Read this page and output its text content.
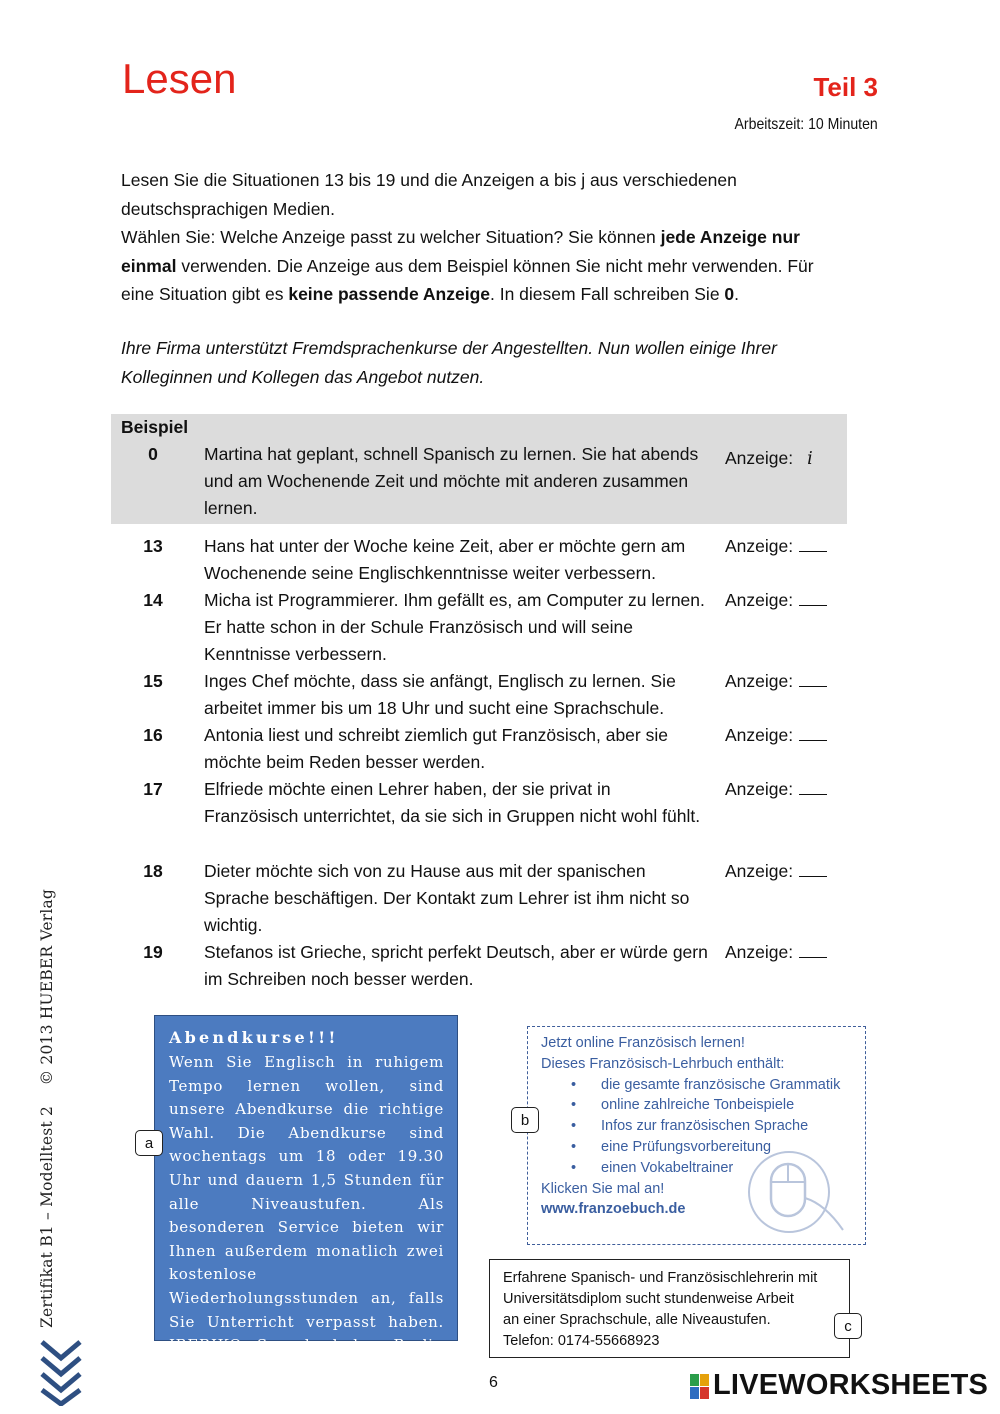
Lesen	Teil 3
Arbeitszeit: 10 Minuten

Lesen Sie die Situationen 13 bis 19 und die Anzeigen a bis j aus verschiedenen

deutschsprachigen Medien.

Wählen Sie: Welche Anzeige passt zu welcher Situation? Sie können jede Anzeige nur

einmal verwenden. Die Anzeige aus dem Beispiel können Sie nicht mehr verwenden. Für

eine Situation gibt es keine passende Anzeige. In diesem Fall schreiben Sie 0.

Ihre Firma unterstützt Fremdsprachenkurse der Angestellten. Nun wollen einige Ihrer
Kolleginnen und Kollegen das Angebot nutzen.
Beispiel
0	Martina hat geplant, schnell Spanisch zu lernen. Sie hat abends und am Wochenende Zeit und möchte mit anderen zusammen lernen.
Anzeige: i
13	Hans hat unter der Woche keine Zeit, aber er möchte gern am Wochenende seine Englischkenntnisse weiter verbessern.
Anzeige:
14	Micha ist Programmierer. Ihm gefällt es, am Computer zu lernen. Er hatte schon in der Schule Französisch und will seine Kenntnisse verbessern.
Anzeige:
15	Inges Chef möchte, dass sie anfängt, Englisch zu lernen. Sie arbeitet immer bis um 18 Uhr und sucht eine Sprachschule.
Anzeige:
16	Antonia liest und schreibt ziemlich gut Französisch, aber sie möchte beim Reden besser werden.
Anzeige:
17	Elfriede möchte einen Lehrer haben, der sie privat in Französisch unterrichtet, da sie sich in Gruppen nicht wohl fühlt.
Anzeige:
18	Dieter möchte sich von zu Hause aus mit der spanischen Sprache beschäftigen. Der Kontakt zum Lehrer ist ihm nicht so wichtig.
Anzeige:
19	Stefanos ist Grieche, spricht perfekt Deutsch, aber er würde gern im Schreiben noch besser werden.
Anzeige:
Abendkurse!!!
Wenn Sie Englisch in ruhigem Tempo lernen wollen, sind unsere Abendkurse die richtige Wahl. Die Abendkurse sind wochentags um 18 oder 19.30 Uhr und dauern 1,5 Stunden für alle Niveaustufen. Als besonderen Service bieten wir Ihnen außerdem monatlich zwei kostenlose Wiederholungsstunden an, falls Sie Unterricht verpasst haben. IBERIKO Sprachschulen Berlin Tel.: 030-4495656
a
Jetzt online Französisch lernen!
Dieses Französisch-Lehrbuch enthält:
• die gesamte französische Grammatik
• online zahlreiche Tonbeispiele
• Infos zur französischen Sprache
• eine Prüfungsvorbereitung
• einen Vokabeltrainer
Klicken Sie mal an!
www.franzoebuch.de
b
Erfahrene Spanisch- und Französischlehrerin mit
Universitätsdiplom sucht stundenweise Arbeit
an einer Sprachschule, alle Niveaustufen.
Telefon: 0174-55668923
c
Zertifikat B1 – Modelltest 2    © 2013 HUEBER Verlag
6	LIVEWORKSHEETS
